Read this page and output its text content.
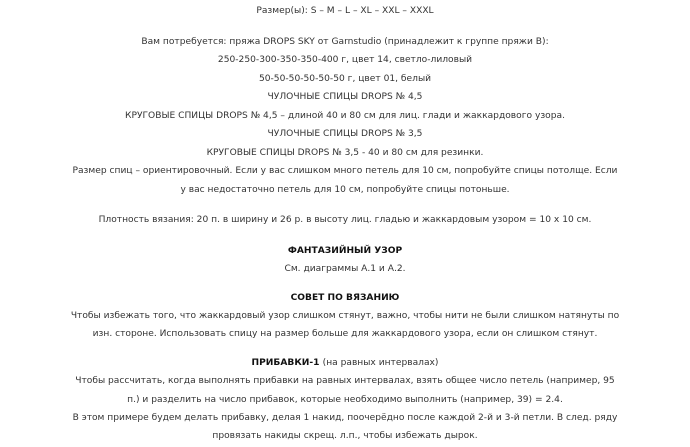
Размер(ы): S – M – L – XL – XXL – XXXL
Вам потребуется: пряжа DROPS SKY от Garnstudio (принадлежит к группе пряжи B):
250-250-300-350-350-400 г, цвет 14, светло-лиловый
50-50-50-50-50-50 г, цвет 01, белый
ЧУЛОЧНЫЕ СПИЦЫ DROPS № 4,5
КРУГОВЫЕ СПИЦЫ DROPS № 4,5 – длиной 40 и 80 см для лиц. глади и жаккардового узора.
ЧУЛОЧНЫЕ СПИЦЫ DROPS № 3,5
КРУГОВЫЕ СПИЦЫ DROPS № 3,5 - 40 и 80 см для резинки.
Размер спиц – ориентировочный. Если у вас слишком много петель для 10 см, попробуйте спицы потолще. Если
у вас недостаточно петель для 10 см, попробуйте спицы потоньше.
Плотность вязания: 20 п. в ширину и 26 р. в высоту лиц. гладью и жаккардовым узором = 10 х 10 см.
ФАНТАЗИЙНЫЙ УЗОР
См. диаграммы А.1 и А.2.
СОВЕТ ПО ВЯЗАНИЮ
Чтобы избежать того, что жаккардовый узор слишком стянут, важно, чтобы нити не были слишком натянуты по
изн. стороне. Использовать спицу на размер больше для жаккардового узора, если он слишком стянут.
ПРИБАВКИ-1 (на равных интервалах)
Чтобы рассчитать, когда выполнять прибавки на равных интервалах, взять общее число петель (например, 95
п.) и разделить на число прибавок, которые необходимо выполнить (например, 39) = 2.4.
В этом примере будем делать прибавку, делая 1 накид, поочерёдно после каждой 2-й и 3-й петли. В след. ряду
провязать накиды скрещ. л.п., чтобы избежать дырок.
